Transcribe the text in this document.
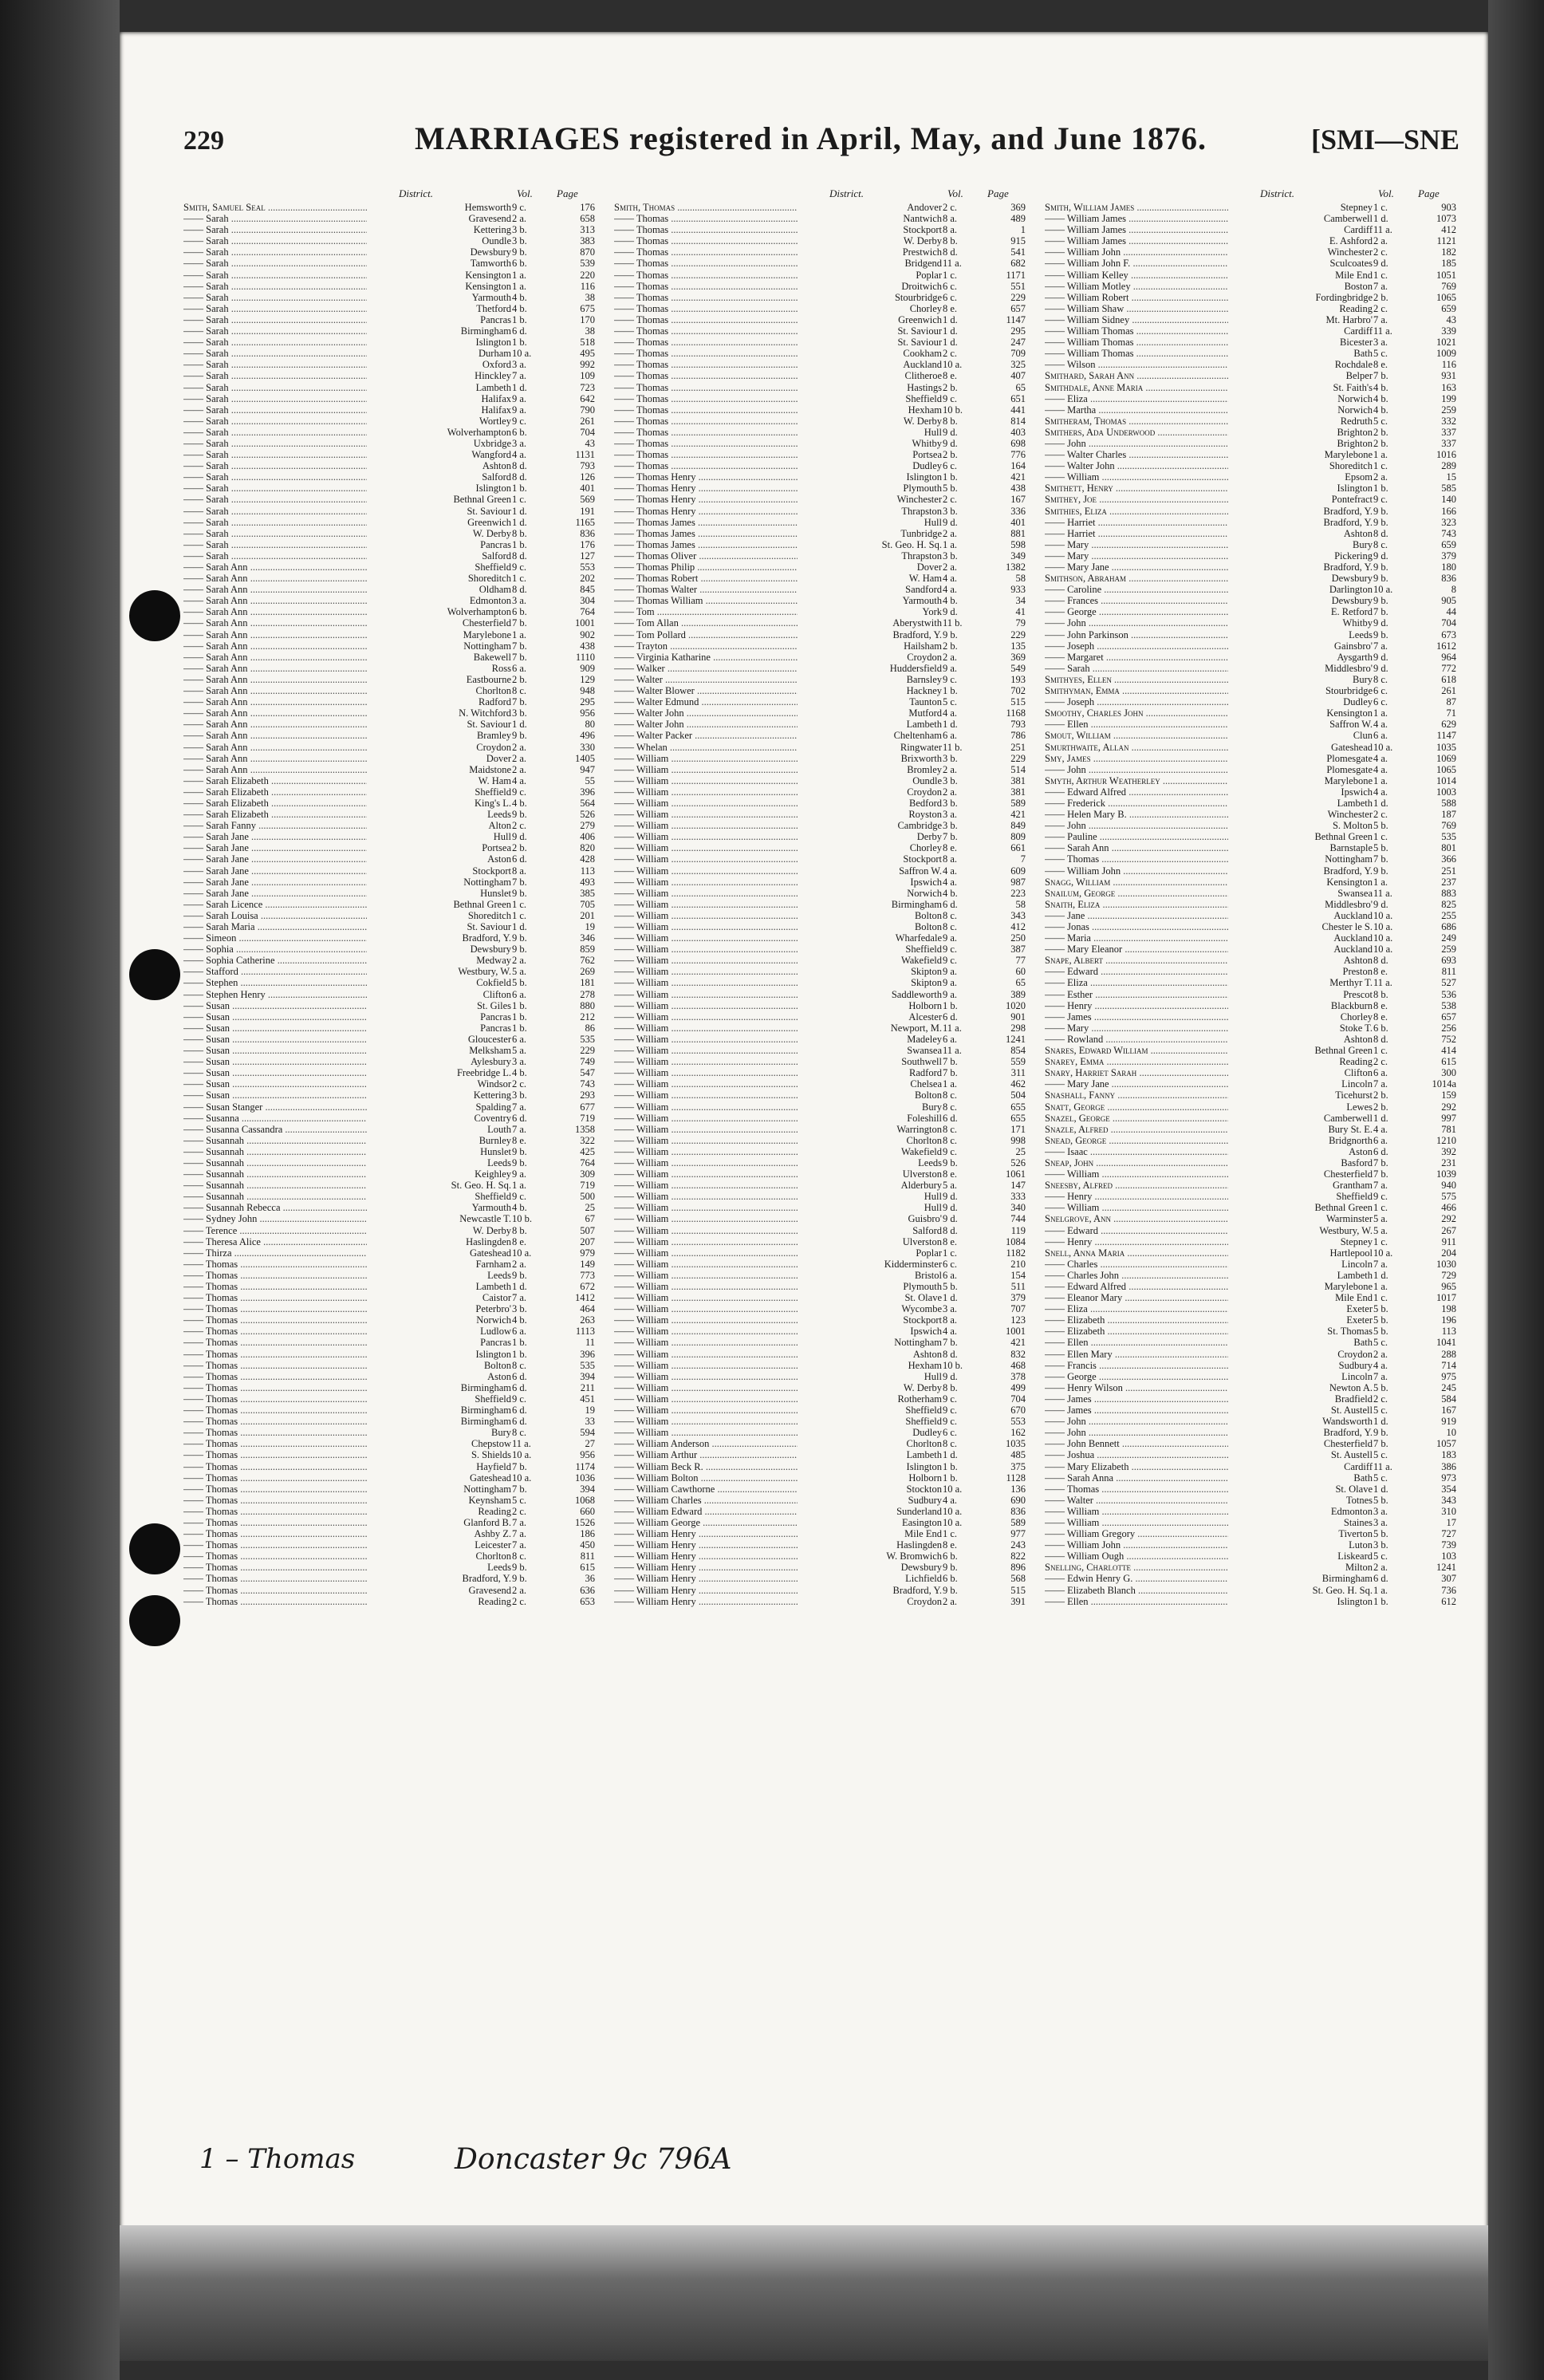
229	MARRIAGES registered in April, May, and June 1876.	[SMI—SNE
District.	Vol. Page
Smith, Samuel Seal .....	Hemsworth 9 c.	176
—— Sarah .....	Gravesend 2 a.	658
—— Sarah .....	Kettering 3 b.	313
—— Sarah .....	Oundle 3 b.	383
—— Sarah .....	Dewsbury 9 b.	870
—— Sarah .....	Tamworth 6 b.	539
—— Sarah .....	Kensington 1 a.	220
—— Sarah .....	Kensington 1 a.	116
—— Sarah .....	Yarmouth 4 b.	38
—— Sarah .....	Thetford 4 b.	675
—— Sarah .....	Pancras 1 b.	170
—— Sarah .....	Birmingham 6 d.	38
—— Sarah .....	Islington 1 b.	518
—— Sarah .....	Durham 10 a.	495
—— Sarah .....	Oxford 3 a.	992
—— Sarah .....	Hinckley 7 a.	109
—— Sarah .....	Lambeth 1 d.	723
—— Sarah .....	Halifax 9 a.	642
—— Sarah .....	Halifax 9 a.	790
—— Sarah .....	Wortley 9 c.	261
—— Sarah .....	Wolverhampton 6 b.	704
—— Sarah .....	Uxbridge 3 a.	43
—— Sarah .....	Wangford 4 a.	1131
—— Sarah .....	Ashton 8 d.	793
—— Sarah .....	Salford 8 d.	126
—— Sarah .....	Islington 1 b.	401
—— Sarah .....	Bethnal Green 1 c.	569
—— Sarah .....	St. Saviour 1 d.	191
—— Sarah .....	Greenwich 1 d.	1165
—— Sarah .....	W. Derby 8 b.	836
—— Sarah .....	Pancras 1 b.	176
—— Sarah .....	Salford 8 d.	127
—— Sarah Ann .....	Sheffield 9 c.	553
—— Sarah Ann .....	Shoreditch 1 c.	202
—— Sarah Ann .....	Oldham 8 d.	845
—— Sarah Ann .....	Edmonton 3 a.	304
—— Sarah Ann .....	Wolverhampton 6 b.	764
—— Sarah Ann .....	Chesterfield 7 b.	1001
—— Sarah Ann .....	Marylebone 1 a.	902
—— Sarah Ann .....	Nottingham 7 b.	438
—— Sarah Ann .....	Bakewell 7 b.	1110
—— Sarah Ann .....	Ross 6 a.	909
—— Sarah Ann .....	Eastbourne 2 b.	129
—— Sarah Ann .....	Chorlton 8 c.	948
—— Sarah Ann .....	Radford 7 b.	295
—— Sarah Ann .....	N. Witchford 3 b.	956
—— Sarah Ann .....	St. Saviour 1 d.	80
—— Sarah Ann .....	Bramley 9 b.	496
—— Sarah Ann .....	Croydon 2 a.	330
—— Sarah Ann .....	Dover 2 a.	1405
—— Sarah Ann .....	Maidstone 2 a.	947
—— Sarah Elizabeth .....	W. Ham 4 a.	55
—— Sarah Elizabeth .....	Sheffield 9 c.	396
—— Sarah Elizabeth .....	King's L. 4 b.	564
—— Sarah Elizabeth .....	Leeds 9 b.	526
—— Sarah Fanny .....	Alton 2 c.	279
—— Sarah Jane .....	Hull 9 d.	406
—— Sarah Jane .....	Portsea 2 b.	820
—— Sarah Jane .....	Aston 6 d.	428
—— Sarah Jane .....	Stockport 8 a.	113
—— Sarah Jane .....	Nottingham 7 b.	493
—— Sarah Jane .....	Hunslet 9 b.	385
—— Sarah Licence .....	Bethnal Green 1 c.	705
—— Sarah Louisa .....	Shoreditch 1 c.	201
—— Sarah Maria .....	St. Saviour 1 d.	19
—— Simeon .....	Bradford, Y. 9 b.	346
—— Sophia .....	Dewsbury 9 b.	859
—— Sophia Catherine .....	Medway 2 a.	762
—— Stafford .....	Westbury, W. 5 a.	269
—— Stephen .....	Cokfield 5 b.	181
—— Stephen Henry .....	Clifton 6 a.	278
—— Susan .....	St. Giles 1 b.	880
—— Susan .....	Pancras 1 b.	212
—— Susan .....	Pancras 1 b.	86
—— Susan .....	Gloucester 6 a.	535
—— Susan .....	Melksham 5 a.	229
—— Susan .....	Aylesbury 3 a.	749
—— Susan .....	Freebridge L. 4 b.	547
—— Susan .....	Windsor 2 c.	743
—— Susan .....	Kettering 3 b.	293
—— Susan Stanger .....	Spalding 7 a.	677
—— Susanna .....	Coventry 6 d.	719
—— Susanna Cassandra .....	Louth 7 a.	1358
—— Susannah .....	Burnley 8 e.	322
—— Susannah .....	Hunslet 9 b.	425
—— Susannah .....	Leeds 9 b.	764
—— Susannah .....	Keighley 9 a.	309
—— Susannah .....	St. Geo. H. Sq. 1 a.	719
—— Susannah .....	Sheffield 9 c.	500
—— Susannah Rebecca .....	Yarmouth 4 b.	25
—— Sydney John .....	Newcastle T. 10 b.	67
—— Terence .....	W. Derby 8 b.	507
—— Theresa Alice .....	Haslingden 8 e.	207
—— Thirza .....	Gateshead 10 a.	979
—— Thomas .....	Farnham 2 a.	149
—— Thomas .....	Leeds 9 b.	773
—— Thomas .....	Lambeth 1 d.	672
—— Thomas .....	Caistor 7 a.	1412
—— Thomas .....	Peterbro' 3 b.	464
—— Thomas .....	Norwich 4 b.	263
—— Thomas .....	Ludlow 6 a.	1113
—— Thomas .....	Pancras 1 b.	11
—— Thomas .....	Islington 1 b.	396
—— Thomas .....	Bolton 8 c.	535
—— Thomas .....	Aston 6 d.	394
—— Thomas .....	Birmingham 6 d.	211
—— Thomas .....	Sheffield 9 c.	451
—— Thomas .....	Birmingham 6 d.	19
—— Thomas .....	Birmingham 6 d.	33
—— Thomas .....	Bury 8 c.	594
—— Thomas .....	Chepstow 11 a.	27
—— Thomas .....	S. Shields 10 a.	956
—— Thomas .....	Hayfield 7 b.	1174
—— Thomas .....	Gateshead 10 a.	1036
—— Thomas .....	Nottingham 7 b.	394
—— Thomas .....	Keynsham 5 c.	1068
—— Thomas .....	Reading 2 c.	660
—— Thomas .....	Glanford B. 7 a.	1526
—— Thomas .....	Ashby Z. 7 a.	186
—— Thomas .....	Leicester 7 a.	450
—— Thomas .....	Chorlton 8 c.	811
—— Thomas .....	Leeds 9 b.	615
—— Thomas .....	Bradford, Y. 9 b.	36
—— Thomas .....	Gravesend 2 a.	636
—— Thomas .....	Reading 2 c.	653
District.	Vol. Page
Smith, Thomas .....	Andover 2 c.	369
—— Thomas .....	Nantwich 8 a.	489
—— Thomas .....	Stockport 8 a.	1
—— Thomas .....	W. Derby 8 b.	915
—— Thomas .....	Prestwich 8 d.	541
—— Thomas .....	Bridgend 11 a.	682
—— Thomas .....	Poplar 1 c.	1171
—— Thomas .....	Droitwich 6 c.	551
—— Thomas .....	Stourbridge 6 c.	229
—— Thomas .....	Chorley 8 e.	657
—— Thomas .....	Greenwich 1 d.	1147
—— Thomas .....	St. Saviour 1 d.	295
—— Thomas .....	St. Saviour 1 d.	247
—— Thomas .....	Cookham 2 c.	709
—— Thomas .....	Auckland 10 a.	325
—— Thomas .....	Clitheroe 8 e.	407
—— Thomas .....	Hastings 2 b.	65
—— Thomas .....	Sheffield 9 c.	651
—— Thomas .....	Hexham 10 b.	441
—— Thomas .....	W. Derby 8 b.	814
—— Thomas .....	Hull 9 d.	403
—— Thomas .....	Whitby 9 d.	698
—— Thomas .....	Portsea 2 b.	776
—— Thomas .....	Dudley 6 c.	164
—— Thomas Henry .....	Islington 1 b.	421
—— Thomas Henry .....	Plymouth 5 b.	438
—— Thomas Henry .....	Winchester 2 c.	167
—— Thomas Henry .....	Thrapston 3 b.	336
—— Thomas James .....	Hull 9 d.	401
—— Thomas James .....	Tunbridge 2 a.	881
—— Thomas James .....	St. Geo. H. Sq. 1 a.	598
—— Thomas Oliver .....	Thrapston 3 b.	349
—— Thomas Philip .....	Dover 2 a.	1382
—— Thomas Robert .....	W. Ham 4 a.	58
—— Thomas Walter .....	Sandford 4 a.	933
—— Thomas William .....	Yarmouth 4 b.	34
—— Tom .....	York 9 d.	41
—— Tom Allan .....	Aberystwith 11 b.	79
—— Tom Pollard .....	Bradford, Y. 9 b.	229
—— Trayton .....	Hailsham 2 b.	135
—— Virginia Katharine .....	Croydon 2 a.	369
—— Walker .....	Huddersfield 9 a.	549
—— Walter .....	Barnsley 9 c.	193
—— Walter Blower .....	Hackney 1 b.	702
—— Walter Edmund .....	Taunton 5 c.	515
—— Walter John .....	Mutford 4 a.	1168
—— Walter John .....	Lambeth 1 d.	793
—— Walter Packer .....	Cheltenham 6 a.	786
—— Whelan .....	Ringwater 11 b.	251
—— William .....	Brixworth 3 b.	229
—— William .....	Bromley 2 a.	514
—— William .....	Oundle 3 b.	381
—— William .....	Croydon 2 a.	381
—— William .....	Bedford 3 b.	589
—— William .....	Royston 3 a.	421
—— William .....	Cambridge 3 b.	849
—— William .....	Derby 7 b.	809
—— William .....	Chorley 8 e.	661
—— William .....	Stockport 8 a.	7
—— William .....	Saffron W. 4 a.	609
—— William .....	Ipswich 4 a.	987
—— William .....	Norwich 4 b.	223
—— William .....	Birmingham 6 d.	58
—— William .....	Bolton 8 c.	343
—— William .....	Bolton 8 c.	412
—— William .....	Wharfedale 9 a.	250
—— William .....	Sheffield 9 c.	387
—— William .....	Wakefield 9 c.	77
—— William .....	Skipton 9 a.	60
—— William .....	Skipton 9 a.	65
—— William .....	Saddleworth 9 a.	389
—— William .....	Holborn 1 b.	1020
—— William .....	Alcester 6 d.	901
—— William .....	Newport, M. 11 a.	298
—— William .....	Madeley 6 a.	1241
—— William .....	Swansea 11 a.	854
—— William .....	Southwell 7 b.	559
—— William .....	Radford 7 b.	311
—— William .....	Chelsea 1 a.	462
—— William .....	Bolton 8 c.	504
—— William .....	Bury 8 c.	655
—— William .....	Foleshill 6 d.	655
—— William .....	Warrington 8 c.	171
—— William .....	Chorlton 8 c.	998
—— William .....	Wakefield 9 c.	25
—— William .....	Leeds 9 b.	526
—— William .....	Ulverston 8 e.	1061
—— William .....	Alderbury 5 a.	147
—— William .....	Hull 9 d.	333
—— William .....	Hull 9 d.	340
—— William .....	Guisbro' 9 d.	744
—— William .....	Salford 8 d.	119
—— William .....	Ulverston 8 e.	1084
—— William .....	Poplar 1 c.	1182
—— William .....	Kidderminster 6 c.	210
—— William .....	Bristol 6 a.	154
—— William .....	Plymouth 5 b.	511
—— William .....	St. Olave 1 d.	379
—— William .....	Wycombe 3 a.	707
—— William .....	Stockport 8 a.	123
—— William .....	Ipswich 4 a.	1001
—— William .....	Nottingham 7 b.	421
—— William .....	Ashton 8 d.	832
—— William .....	Hexham 10 b.	468
—— William .....	Hull 9 d.	378
—— William .....	W. Derby 8 b.	499
—— William .....	Rotherham 9 c.	704
—— William .....	Sheffield 9 c.	670
—— William .....	Sheffield 9 c.	553
—— William .....	Dudley 6 c.	162
—— William Anderson .....	Chorlton 8 c.	1035
—— William Arthur .....	Lambeth 1 d.	485
—— William Beck R. .....	Islington 1 b.	375
—— William Bolton .....	Holborn 1 b.	1128
—— William Cawthorne .....	Stockton 10 a.	136
—— William Charles .....	Sudbury 4 a.	690
—— William Edward .....	Sunderland 10 a.	836
—— William George .....	Easington 10 a.	589
—— William Henry .....	Mile End 1 c.	977
—— William Henry .....	Haslingden 8 e.	243
—— William Henry .....	W. Bromwich 6 b.	822
—— William Henry .....	Dewsbury 9 b.	896
—— William Henry .....	Lichfield 6 b.	568
—— William Henry .....	Bradford, Y. 9 b.	515
—— William Henry .....	Croydon 2 a.	391
District.	Vol. Page
Smith, William James .....	Stepney 1 c.	903
—— William James .....	Camberwell 1 d.	1073
—— William James .....	Cardiff 11 a.	412
—— William James .....	E. Ashford 2 a.	1121
—— William John .....	Winchester 2 c.	182
—— William John F. .....	Sculcoates 9 d.	185
—— William Kelley .....	Mile End 1 c.	1051
—— William Motley .....	Boston 7 a.	769
—— William Robert .....	Fordingbridge 2 b.	1065
—— William Shaw .....	Reading 2 c.	659
—— William Sidney .....	Mt. Harbro' 7 a.	43
—— William Thomas .....	Cardiff 11 a.	339
—— William Thomas .....	Bicester 3 a.	1021
—— William Thomas .....	Bath 5 c.	1009
—— Wilson .....	Rochdale 8 e.	116
Smithard, Sarah Ann .....	Belper 7 b.	931
Smithdale, Anne Maria .....	St. Faith's 4 b.	163
—— Eliza .....	Norwich 4 b.	199
—— Martha .....	Norwich 4 b.	259
Smitheram, Thomas .....	Redruth 5 c.	332
Smithers, Ada Underwood .....	Brighton 2 b.	337
—— John .....	Brighton 2 b.	337
—— Walter Charles .....	Marylebone 1 a.	1016
—— Walter John .....	Shoreditch 1 c.	289
—— William .....	Epsom 2 a.	15
Smithett, Henry .....	Islington 1 b.	585
Smithey, Joe .....	Pontefract 9 c.	140
Smithies, Eliza .....	Bradford, Y. 9 b.	166
—— Harriet .....	Bradford, Y. 9 b.	323
—— Harriet .....	Ashton 8 d.	743
—— Mary .....	Bury 8 c.	659
—— Mary .....	Pickering 9 d.	379
—— Mary Jane .....	Bradford, Y. 9 b.	180
Smithson, Abraham .....	Dewsbury 9 b.	836
—— Caroline .....	Darlington 10 a.	8
—— Frances .....	Dewsbury 9 b.	905
—— George .....	E. Retford 7 b.	44
—— John .....	Whitby 9 d.	704
—— John Parkinson .....	Leeds 9 b.	673
—— Joseph .....	Gainsbro' 7 a.	1612
—— Margaret .....	Aysgarth 9 d.	964
—— Sarah .....	Middlesbro' 9 d.	772
Smithyes, Ellen .....	Bury 8 c.	618
Smithyman, Emma .....	Stourbridge 6 c.	261
—— Joseph .....	Dudley 6 c.	87
Smoothy, Charles John .....	Kensington 1 a.	71
—— Ellen .....	Saffron W. 4 a.	629
Smout, William .....	Clun 6 a.	1147
Smurthwaite, Allan .....	Gateshead 10 a.	1035
Smy, James .....	Plomesgate 4 a.	1069
—— John .....	Plomesgate 4 a.	1065
Smyth, Arthur Weatherley .....	Marylebone 1 a.	1014
—— Edward Alfred .....	Ipswich 4 a.	1003
—— Frederick .....	Lambeth 1 d.	588
—— Helen Mary B. .....	Winchester 2 c.	187
—— John .....	S. Molton 5 b.	769
—— Pauline .....	Bethnal Green 1 c.	535
—— Sarah Ann .....	Barnstaple 5 b.	801
—— Thomas .....	Nottingham 7 b.	366
—— William John .....	Bradford, Y. 9 b.	251
Snagg, William .....	Kensington 1 a.	237
Snailum, George .....	Swansea 11 a.	883
Snaith, Eliza .....	Middlesbro' 9 d.	825
—— Jane .....	Auckland 10 a.	255
—— Jonas .....	Chester le S. 10 a.	686
—— Maria .....	Auckland 10 a.	249
—— Mary Eleanor .....	Auckland 10 a.	259
Snape, Albert .....	Ashton 8 d.	693
—— Edward .....	Preston 8 e.	811
—— Eliza .....	Merthyr T. 11 a.	527
—— Esther .....	Prescot 8 b.	536
—— Henry .....	Blackburn 8 e.	538
—— James .....	Chorley 8 e.	657
—— Mary .....	Stoke T. 6 b.	256
—— Rowland .....	Ashton 8 d.	752
Snares, Edward William .....	Bethnal Green 1 c.	414
Snarey, Emma .....	Reading 2 c.	615
Snary, Harriet Sarah .....	Clifton 6 a.	300
—— Mary Jane .....	Lincoln 7 a.	1014a
Snashall, Fanny .....	Ticehurst 2 b.	159
Snatt, George .....	Lewes 2 b.	292
Snazel, George .....	Camberwell 1 d.	997
Snazle, Alfred .....	Bury St. E. 4 a.	781
Snead, George .....	Bridgnorth 6 a.	1210
—— Isaac .....	Aston 6 d.	392
Sneap, John .....	Basford 7 b.	231
—— William .....	Chesterfield 7 b.	1039
Sneesby, Alfred .....	Grantham 7 a.	940
—— Henry .....	Sheffield 9 c.	575
—— William .....	Bethnal Green 1 c.	466
Snelgrove, Ann .....	Warminster 5 a.	292
—— Edward .....	Westbury, W. 5 a.	267
—— Henry .....	Stepney 1 c.	911
Snell, Anna Maria .....	Hartlepool 10 a.	204
—— Charles .....	Lincoln 7 a.	1030
—— Charles John .....	Lambeth 1 d.	729
—— Edward Alfred .....	Marylebone 1 a.	965
—— Eleanor Mary .....	Mile End 1 c.	1017
—— Eliza .....	Exeter 5 b.	198
—— Elizabeth .....	Exeter 5 b.	196
—— Elizabeth .....	St. Thomas 5 b.	113
—— Ellen .....	Bath 5 c.	1041
—— Ellen Mary .....	Croydon 2 a.	288
—— Francis .....	Sudbury 4 a.	714
—— George .....	Lincoln 7 a.	975
—— Henry Wilson .....	Newton A. 5 b.	245
—— James .....	Bradfield 2 c.	584
—— James .....	St. Austell 5 c.	167
—— John .....	Wandsworth 1 d.	919
—— John .....	Bradford, Y. 9 b.	10
—— John Bennett .....	Chesterfield 7 b.	1057
—— Joshua .....	St. Austell 5 c.	183
—— Mary Elizabeth .....	Cardiff 11 a.	386
—— Sarah Anna .....	Bath 5 c.	973
—— Thomas .....	St. Olave 1 d.	354
—— Walter .....	Totnes 5 b.	343
—— William .....	Edmonton 3 a.	310
—— William .....	Staines 3 a.	17
—— William Gregory .....	Tiverton 5 b.	727
—— William John .....	Luton 3 b.	739
—— William Ough .....	Liskeard 5 c.	103
Snelling, Charlotte .....	Milton 2 a.	1241
—— Edwin Henry G. .....	Birmingham 6 d.	307
—— Elizabeth Blanch .....	St. Geo. H. Sq. 1 a.	736
—— Ellen .....	Islington 1 b.	612
1 – Thomas	Doncaster 9c 796A
